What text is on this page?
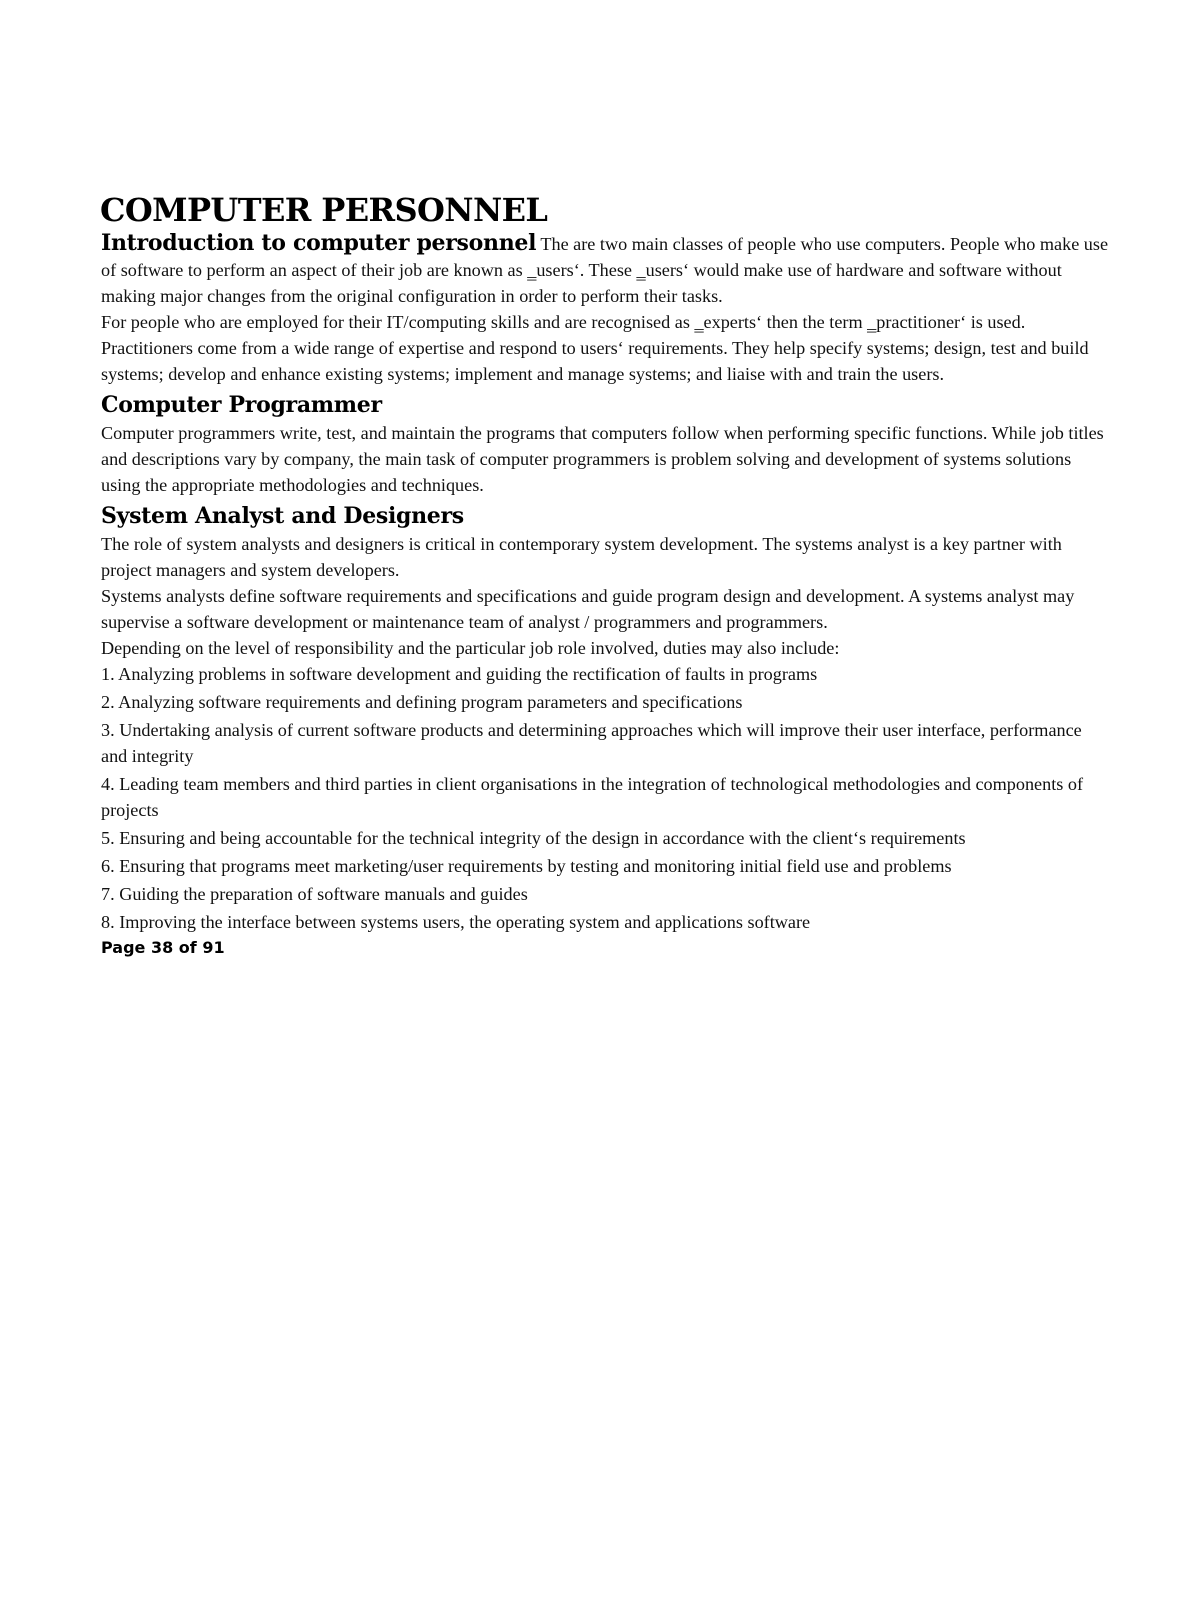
COMPUTER PERSONNEL

Introduction to computer personnel The are two main classes of people who use computers. People who make use of software to perform an aspect of their job are known as ‗users‘. These ‗users‘ would make use of hardware and software without making major changes from the original configuration in order to perform their tasks.

For people who are employed for their IT/computing skills and are recognised as ‗experts‘ then the term ‗practitioner‘ is used. Practitioners come from a wide range of expertise and respond to users‘ requirements. They help specify systems; design, test and build systems; develop and enhance existing systems; implement and manage systems; and liaise with and train the users.

Computer Programmer

Computer programmers write, test, and maintain the programs that computers follow when performing specific functions. While job titles and descriptions vary by company, the main task of computer programmers is problem solving and development of systems solutions using the appropriate methodologies and techniques.

System Analyst and Designers

The role of system analysts and designers is critical in contemporary system development. The systems analyst is a key partner with project managers and system developers.

Systems analysts define software requirements and specifications and guide program design and development. A systems analyst may supervise a software development or maintenance team of analyst / programmers and programmers.

Depending on the level of responsibility and the particular job role involved, duties may also include:

1. Analyzing problems in software development and guiding the rectification of faults in programs
2. Analyzing software requirements and defining program parameters and specifications
3. Undertaking analysis of current software products and determining approaches which will improve their user interface, performance and integrity
4. Leading team members and third parties in client organisations in the integration of technological methodologies and components of projects
5. Ensuring and being accountable for the technical integrity of the design in accordance with the client‘s requirements
6. Ensuring that programs meet marketing/user requirements by testing and monitoring initial field use and problems
7. Guiding the preparation of software manuals and guides
8. Improving the interface between systems users, the operating system and applications software
Page 38 of 91
